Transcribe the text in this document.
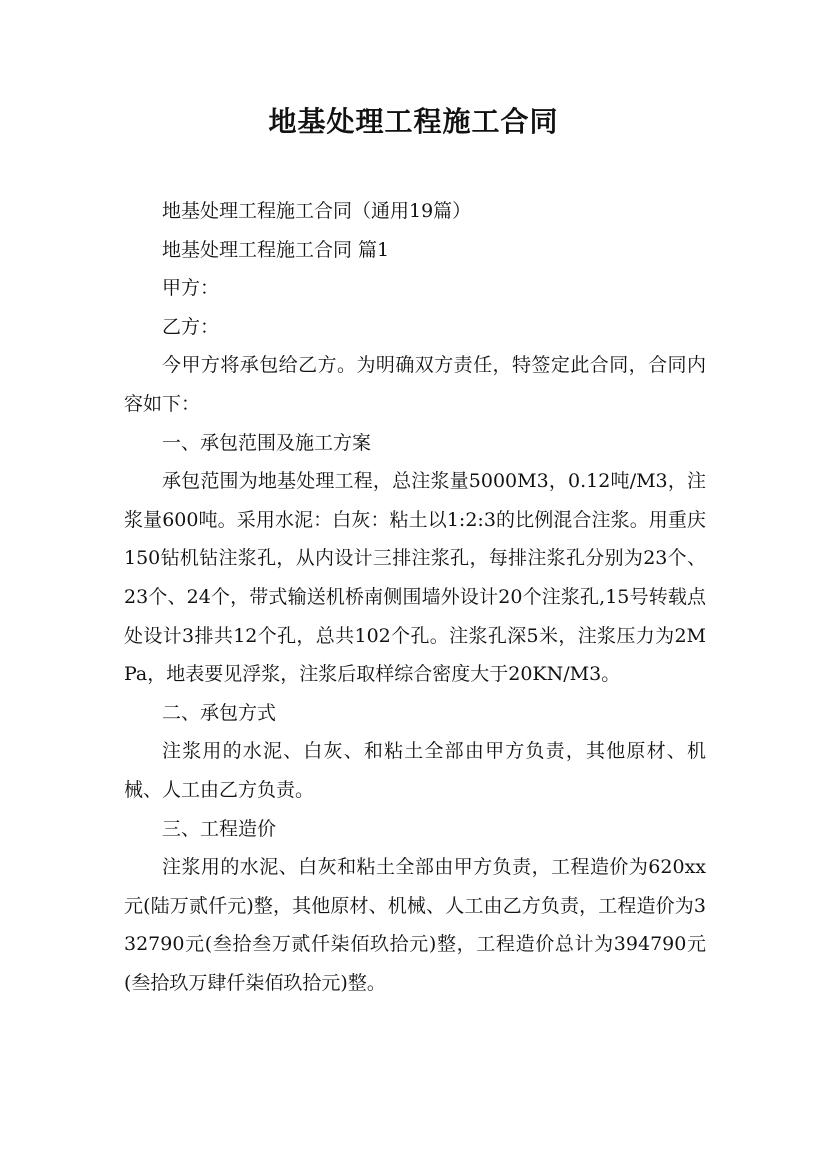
地基处理工程施工合同

地基处理工程施工合同（通用19篇）

地基处理工程施工合同 篇1

甲方：

乙方：

今甲方将承包给乙方。为明确双方责任，特签定此合同，合同内容如下：

一、承包范围及施工方案

承包范围为地基处理工程，总注浆量5000M3，0.12吨/M3，注浆量600吨。采用水泥：白灰：粘土以1:2:3的比例混合注浆。用重庆150钻机钻注浆孔，从内设计三排注浆孔，每排注浆孔分别为23个、23个、24个，带式输送机桥南侧围墙外设计20个注浆孔,15号转载点处设计3排共12个孔，总共102个孔。注浆孔深5米，注浆压力为2MPa，地表要见浮浆，注浆后取样综合密度大于20KN/M3。

二、承包方式

注浆用的水泥、白灰、和粘土全部由甲方负责，其他原材、机械、人工由乙方负责。

三、工程造价

注浆用的水泥、白灰和粘土全部由甲方负责，工程造价为620xx元(陆万贰仟元)整，其他原材、机械、人工由乙方负责，工程造价为332790元(叁拾叁万贰仟柒佰玖拾元)整，工程造价总计为394790元(叁拾玖万肆仟柒佰玖拾元)整。
